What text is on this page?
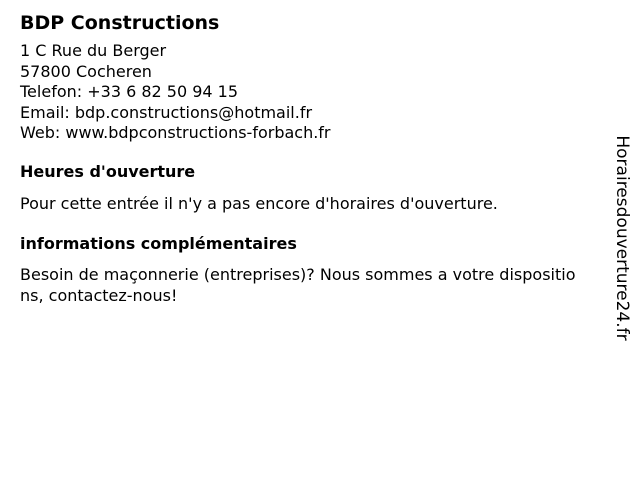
BDP Constructions
1 C Rue du Berger
57800 Cocheren
Telefon: +33 6 82 50 94 15
Email: bdp.constructions@hotmail.fr
Web: www.bdpconstructions-forbach.fr
Heures d'ouverture

Pour cette entrée il n'y a pas encore d'horaires d'ouverture.

informations complémentaires

Besoin de maçonnerie (entreprises)? Nous sommes a votre dispositions, contactez-nous!	Horairesdouverture24.fr
